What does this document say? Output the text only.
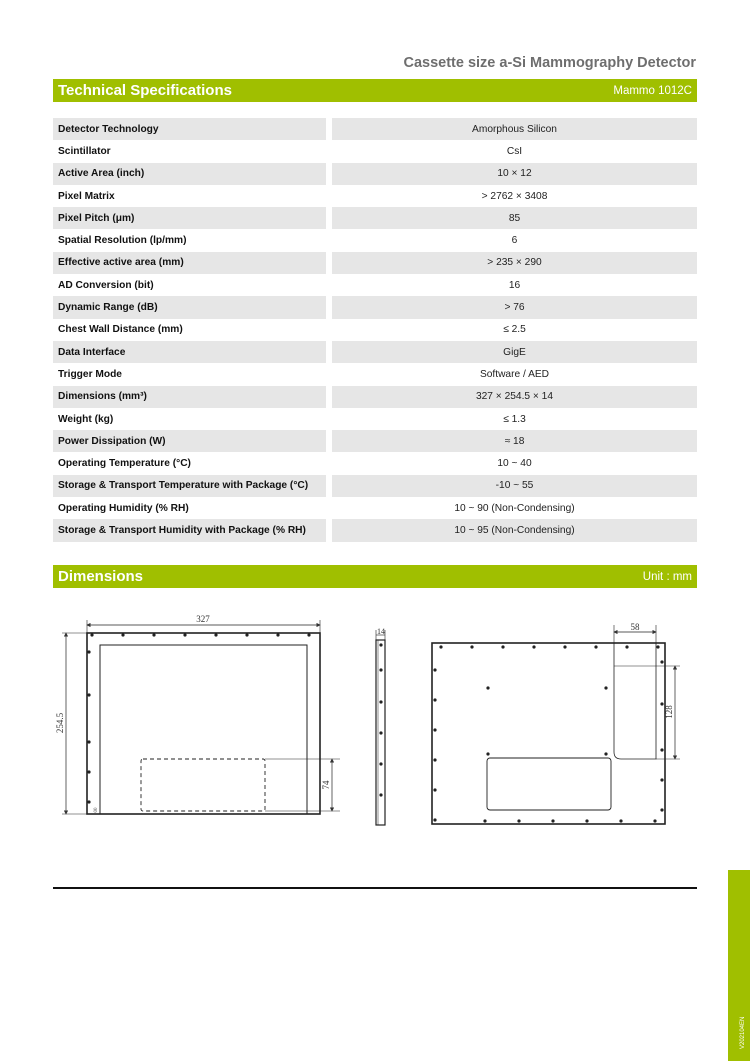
Cassette size a-Si Mammography Detector
Technical Specifications	Mammo 1012C
Detector Technology	Amorphous Silicon
Scintillator	CsI
Active Area (inch)	10 × 12
Pixel Matrix	> 2762 × 3408
Pixel Pitch (μm)	85
Spatial Resolution (lp/mm)	6
Effective active area (mm)	> 235 × 290
AD Conversion (bit)	16
Dynamic Range (dB)	> 76
Chest Wall Distance (mm)	≤ 2.5
Data Interface	GigE
Trigger Mode	Software / AED
Dimensions (mm³)	327 × 254.5 × 14
Weight (kg)	≤ 1.3
Power Dissipation (W)	≈ 18
Operating Temperature (°C)	10 ~ 40
Storage & Transport Temperature with Package (°C)	-10 ~ 55
Operating Humidity (% RH)	10 ~ 90 (Non-Condensing)
Storage & Transport Humidity with Package (% RH)	10 ~ 95 (Non-Condensing)
Dimensions	Unit : mm
327
254.5
74
00
14	58
128
V202104EN
